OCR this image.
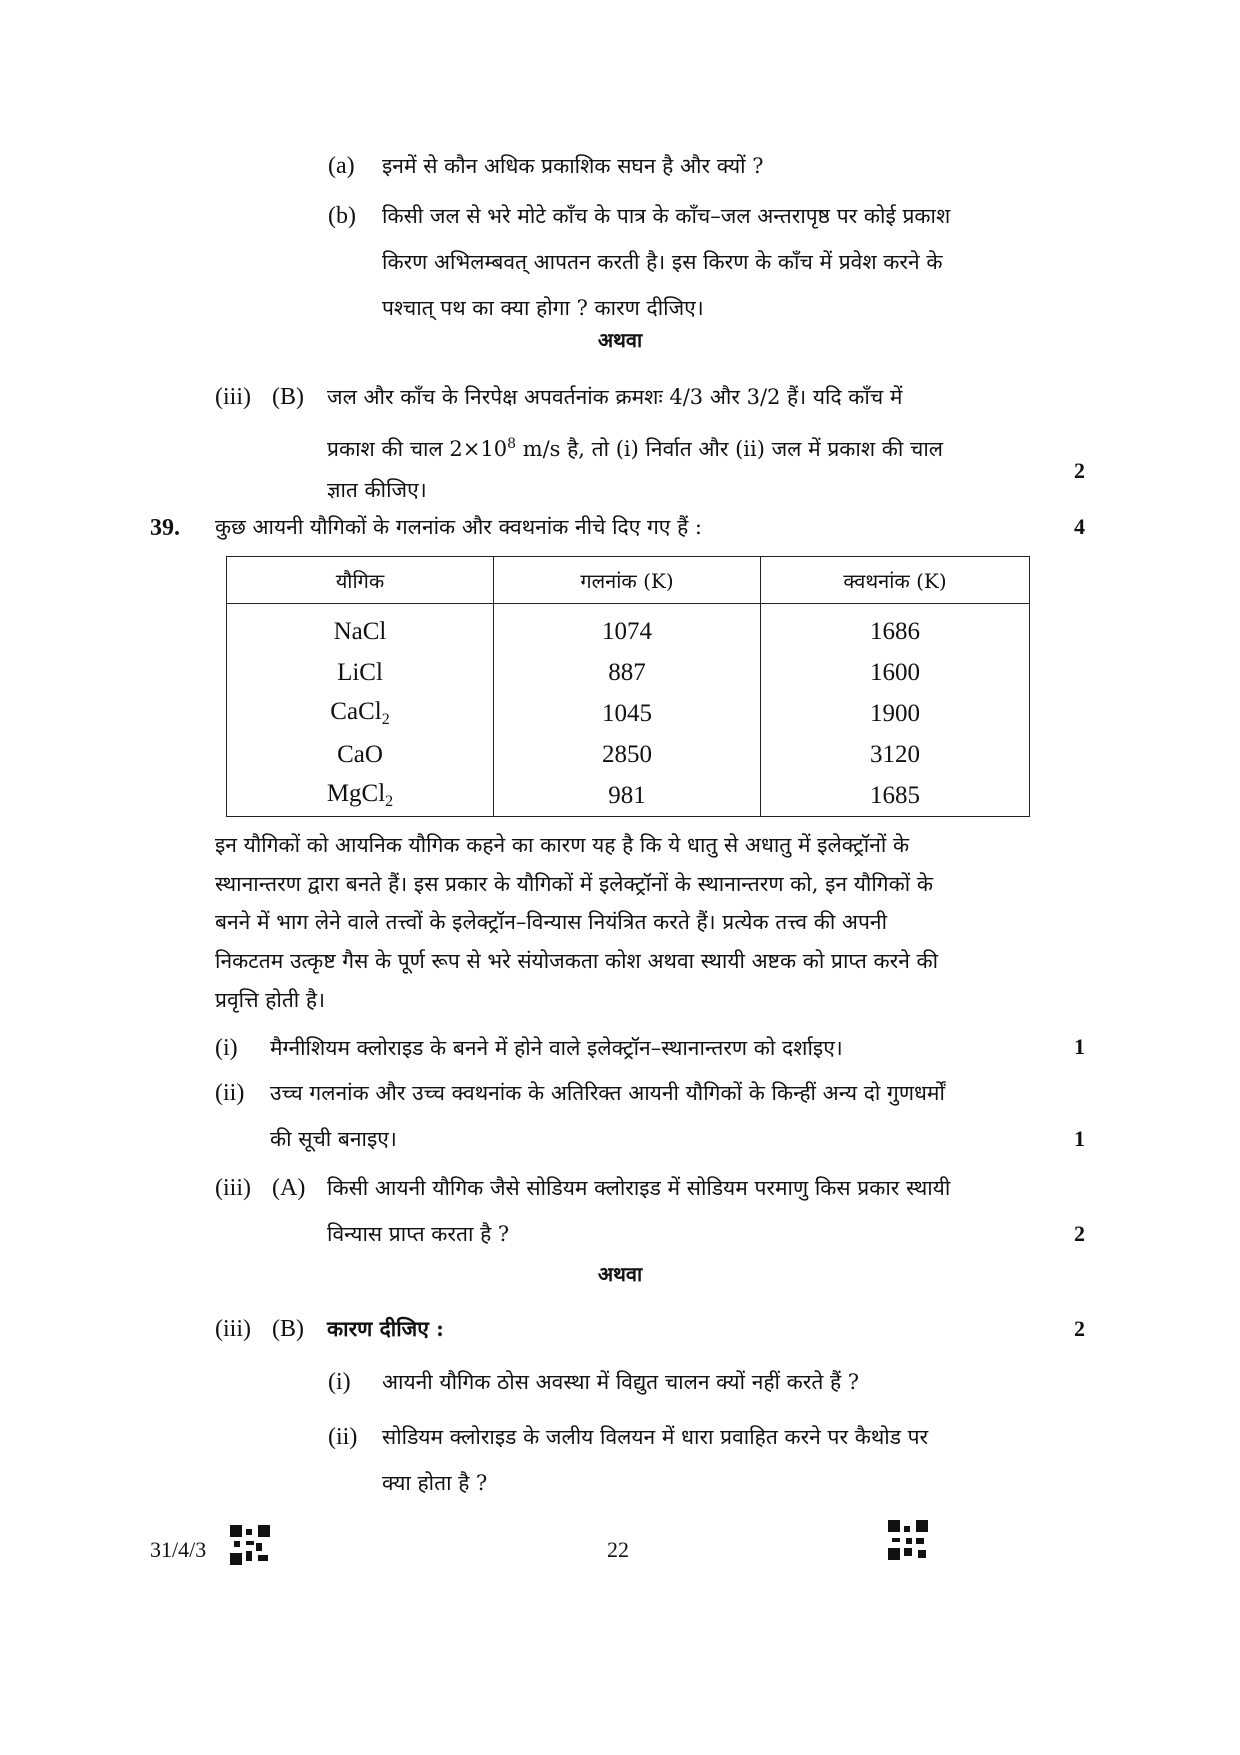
(a) इनमें से कौन अधिक प्रकाशिक सघन है और क्यों ?
(b) किसी जल से भरे मोटे काँच के पात्र के काँच–जल अन्तरापृष्ठ पर कोई प्रकाश
किरण अभिलम्बवत् आपतन करती है। इस किरण के काँच में प्रवेश करने के
पश्चात् पथ का क्या होगा ? कारण दीजिए।
अथवा
(iii) (B) जल और काँच के निरपेक्ष अपवर्तनांक क्रमशः 4/3 और 3/2 हैं। यदि काँच में
प्रकाश की चाल $2\times 10^8$ m/s है, तो (i) निर्वात और (ii) जल में प्रकाश की चाल
ज्ञात कीजिए।
2
39. कुछ आयनी यौगिकों के गलनांक और क्वथनांक नीचे दिए गए हैं :	4
यौगिक	गलनांक (K)	क्वथनांक (K)
NaCl	1074	1686
LiCl	887	1600
CaCl$_2$	1045	1900
CaO	2850	3120
MgCl$_2$	981	1685
इन यौगिकों को आयनिक यौगिक कहने का कारण यह है कि ये धातु से अधातु में इलेक्ट्रॉनों के
स्थानान्तरण द्वारा बनते हैं। इस प्रकार के यौगिकों में इलेक्ट्रॉनों के स्थानान्तरण को, इन यौगिकों के
बनने में भाग लेने वाले तत्त्वों के इलेक्ट्रॉन–विन्यास नियंत्रित करते हैं। प्रत्येक तत्त्व की अपनी
निकटतम उत्कृष्ट गैस के पूर्ण रूप से भरे संयोजकता कोश अथवा स्थायी अष्टक को प्राप्त करने की
प्रवृत्ति होती है।
(i) मैग्नीशियम क्लोराइड के बनने में होने वाले इलेक्ट्रॉन–स्थानान्तरण को दर्शाइए।	1
(ii) उच्च गलनांक और उच्च क्वथनांक के अतिरिक्त आयनी यौगिकों के किन्हीं अन्य दो गुणधर्मों
की सूची बनाइए।	1
(iii) (A) किसी आयनी यौगिक जैसे सोडियम क्लोराइड में सोडियम परमाणु किस प्रकार स्थायी
विन्यास प्राप्त करता है ?	2
अथवा
(iii) (B) कारण दीजिए :	2
(i) आयनी यौगिक ठोस अवस्था में विद्युत चालन क्यों नहीं करते हैं ?
(ii) सोडियम क्लोराइड के जलीय विलयन में धारा प्रवाहित करने पर कैथोड पर
क्या होता है ?
31/4/3	22
